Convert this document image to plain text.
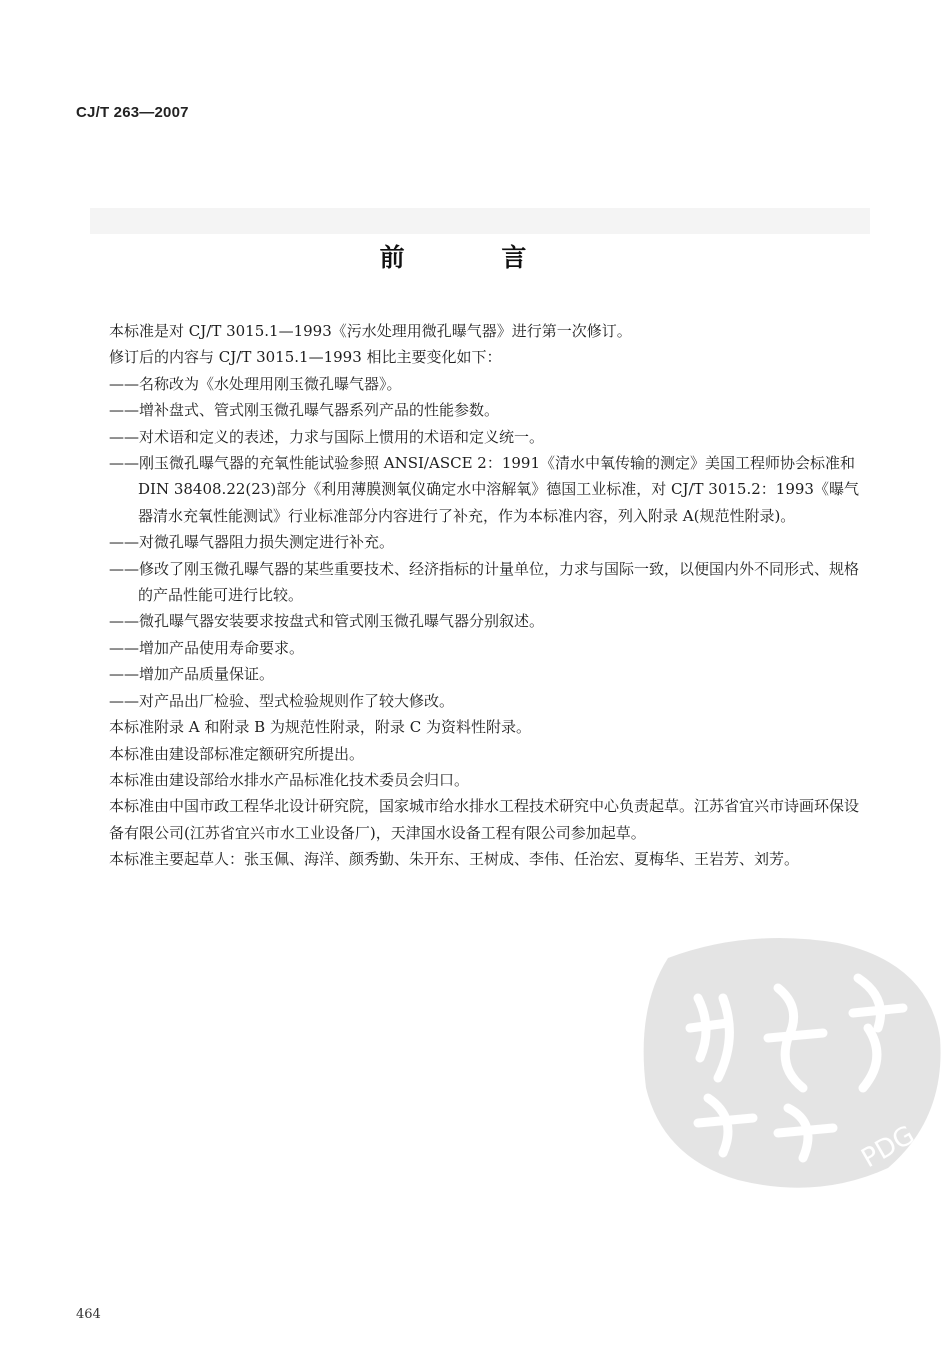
CJ/T 263—2007
前 言

本标准是对 CJ/T 3015.1—1993《污水处理用微孔曝气器》进行第一次修订。

修订后的内容与 CJ/T 3015.1—1993 相比主要变化如下：

——名称改为《水处理用刚玉微孔曝气器》。

——增补盘式、管式刚玉微孔曝气器系列产品的性能参数。

——对术语和定义的表述，力求与国际上惯用的术语和定义统一。

——刚玉微孔曝气器的充氧性能试验参照 ANSI/ASCE 2：1991《清水中氧传输的测定》美国工程师协会标准和 DIN 38408.22(23)部分《利用薄膜测氧仪确定水中溶解氧》德国工业标准，对 CJ/T 3015.2：1993《曝气器清水充氧性能测试》行业标准部分内容进行了补充，作为本标准内容，列入附录 A(规范性附录)。

——对微孔曝气器阻力损失测定进行补充。

——修改了刚玉微孔曝气器的某些重要技术、经济指标的计量单位，力求与国际一致，以便国内外不同形式、规格的产品性能可进行比较。

——微孔曝气器安装要求按盘式和管式刚玉微孔曝气器分别叙述。

——增加产品使用寿命要求。

——增加产品质量保证。

——对产品出厂检验、型式检验规则作了较大修改。

本标准附录 A 和附录 B 为规范性附录，附录 C 为资料性附录。

本标准由建设部标准定额研究所提出。

本标准由建设部给水排水产品标准化技术委员会归口。

本标准由中国市政工程华北设计研究院，国家城市给水排水工程技术研究中心负责起草。江苏省宜兴市诗画环保设备有限公司(江苏省宜兴市水工业设备厂)，天津国水设备工程有限公司参加起草。

本标准主要起草人：张玉佩、海洋、颜秀勤、朱开东、王树成、李伟、任治宏、夏梅华、王岩芳、刘芳。

PDG
464
